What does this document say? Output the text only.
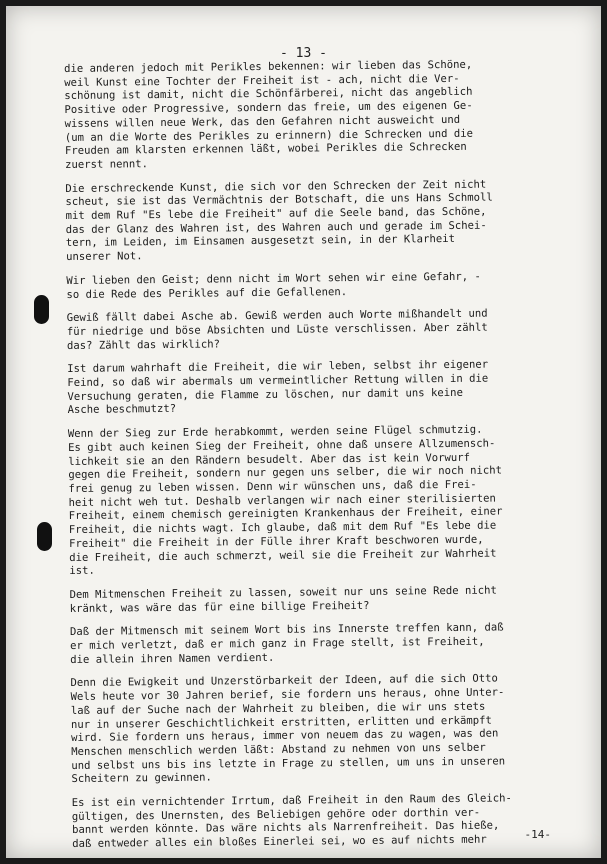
- 13 -
die anderen jedoch mit Perikles bekennen: wir lieben das Schöne,
weil Kunst eine Tochter der Freiheit ist - ach, nicht die Ver-
schönung ist damit, nicht die Schönfärberei, nicht das angeblich
Positive oder Progressive, sondern das freie, um des eigenen Ge-
wissens willen neue Werk, das den Gefahren nicht ausweicht und
(um an die Worte des Perikles zu erinnern) die Schrecken und die
Freuden am klarsten erkennen läßt, wobei Perikles die Schrecken
zuerst nennt.
Die erschreckende Kunst, die sich vor den Schrecken der Zeit nicht
scheut, sie ist das Vermächtnis der Botschaft, die uns Hans Schmoll
mit dem Ruf "Es lebe die Freiheit" auf die Seele band, das Schöne,
das der Glanz des Wahren ist, des Wahren auch und gerade im Schei-
tern, im Leiden, im Einsamen ausgesetzt sein, in der Klarheit
unserer Not.
Wir lieben den Geist; denn nicht im Wort sehen wir eine Gefahr, -
so die Rede des Perikles auf die Gefallenen.
Gewiß fällt dabei Asche ab. Gewiß werden auch Worte mißhandelt und
für niedrige und böse Absichten und Lüste verschlissen. Aber zählt
das? Zählt das wirklich?
Ist darum wahrhaft die Freiheit, die wir leben, selbst ihr eigener
Feind, so daß wir abermals um vermeintlicher Rettung willen in die
Versuchung geraten, die Flamme zu löschen, nur damit uns keine
Asche beschmutzt?
Wenn der Sieg zur Erde herabkommt, werden seine Flügel schmutzig.
Es gibt auch keinen Sieg der Freiheit, ohne daß unsere Allzumensch-
lichkeit sie an den Rändern besudelt. Aber das ist kein Vorwurf
gegen die Freiheit, sondern nur gegen uns selber, die wir noch nicht
frei genug zu leben wissen. Denn wir wünschen uns, daß die Frei-
heit nicht weh tut. Deshalb verlangen wir nach einer sterilisierten
Freiheit, einem chemisch gereinigten Krankenhaus der Freiheit, einer
Freiheit, die nichts wagt. Ich glaube, daß mit dem Ruf "Es lebe die
Freiheit" die Freiheit in der Fülle ihrer Kraft beschworen wurde,
die Freiheit, die auch schmerzt, weil sie die Freiheit zur Wahrheit
ist.
Dem Mitmenschen Freiheit zu lassen, soweit nur uns seine Rede nicht
kränkt, was wäre das für eine billige Freiheit?
Daß der Mitmensch mit seinem Wort bis ins Innerste treffen kann, daß
er mich verletzt, daß er mich ganz in Frage stellt, ist Freiheit,
die allein ihren Namen verdient.
Denn die Ewigkeit und Unzerstörbarkeit der Ideen, auf die sich Otto
Wels heute vor 30 Jahren berief, sie fordern uns heraus, ohne Unter-
laß auf der Suche nach der Wahrheit zu bleiben, die wir uns stets
nur in unserer Geschichtlichkeit erstritten, erlitten und erkämpft
wird. Sie fordern uns heraus, immer von neuem das zu wagen, was den
Menschen menschlich werden läßt: Abstand zu nehmen von uns selber
und selbst uns bis ins letzte in Frage zu stellen, um uns in unseren
Scheitern zu gewinnen.
Es ist ein vernichtender Irrtum, daß Freiheit in den Raum des Gleich-
gültigen, des Unernsten, des Beliebigen gehöre oder dorthin ver-
bannt werden könnte. Das wäre nichts als Narrenfreiheit. Das hieße,
daß entweder alles ein bloßes Einerlei sei, wo es auf nichts mehr	-14-
